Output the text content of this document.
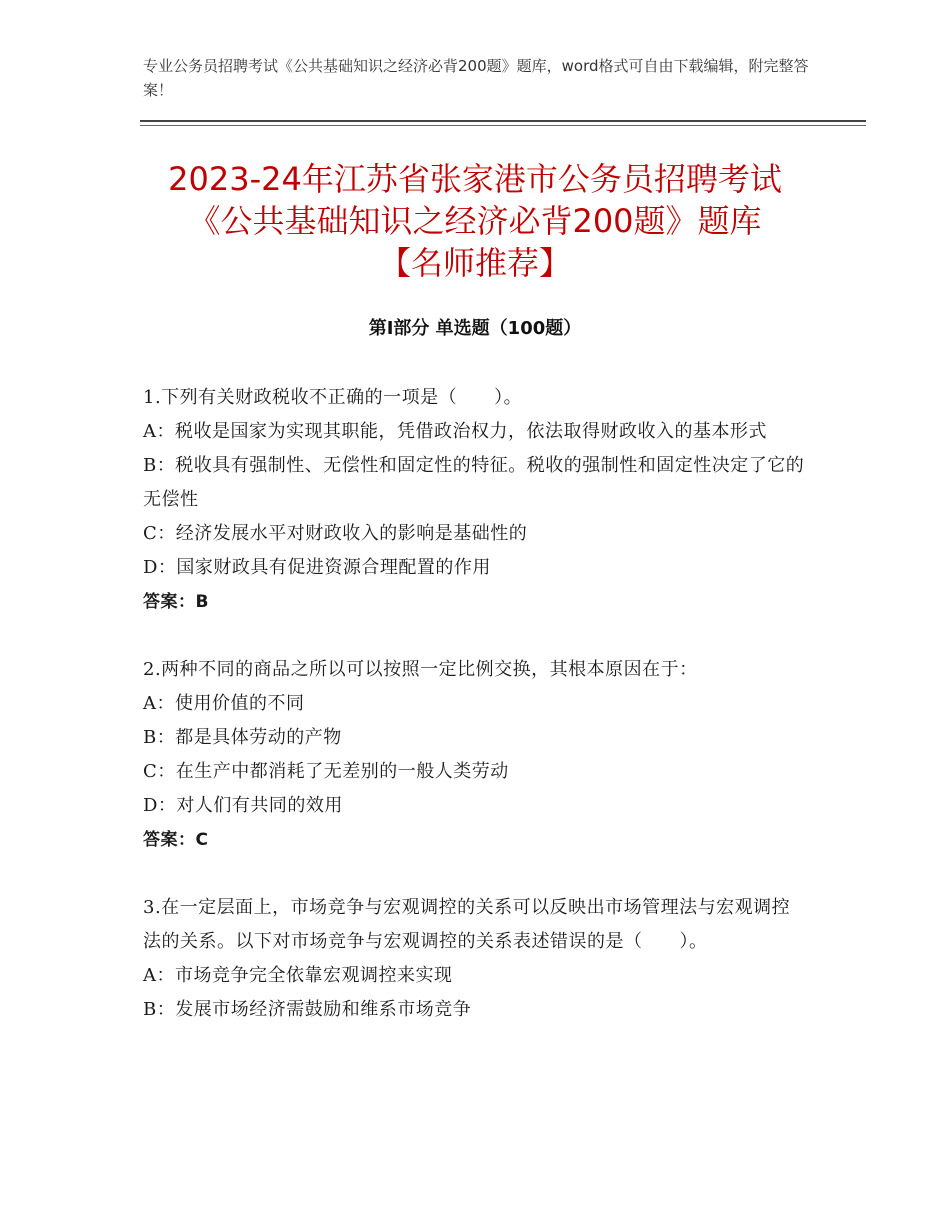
专业公务员招聘考试《公共基础知识之经济必背200题》题库，word格式可自由下载编辑，附完整答案！
2023-24年江苏省张家港市公务员招聘考试
《公共基础知识之经济必背200题》题库
【名师推荐】
第Ⅰ部分 单选题（100题）

1.下列有关财政税收不正确的一项是（　　）。

A：税收是国家为实现其职能，凭借政治权力，依法取得财政收入的基本形式

B：税收具有强制性、无偿性和固定性的特征。税收的强制性和固定性决定了它的无偿性

C：经济发展水平对财政收入的影响是基础性的

D：国家财政具有促进资源合理配置的作用

答案：B

2.两种不同的商品之所以可以按照一定比例交换，其根本原因在于：

A：使用价值的不同

B：都是具体劳动的产物

C：在生产中都消耗了无差别的一般人类劳动

D：对人们有共同的效用

答案：C

3.在一定层面上，市场竞争与宏观调控的关系可以反映出市场管理法与宏观调控法的关系。以下对市场竞争与宏观调控的关系表述错误的是（　　）。

A：市场竞争完全依靠宏观调控来实现

B：发展市场经济需鼓励和维系市场竞争
